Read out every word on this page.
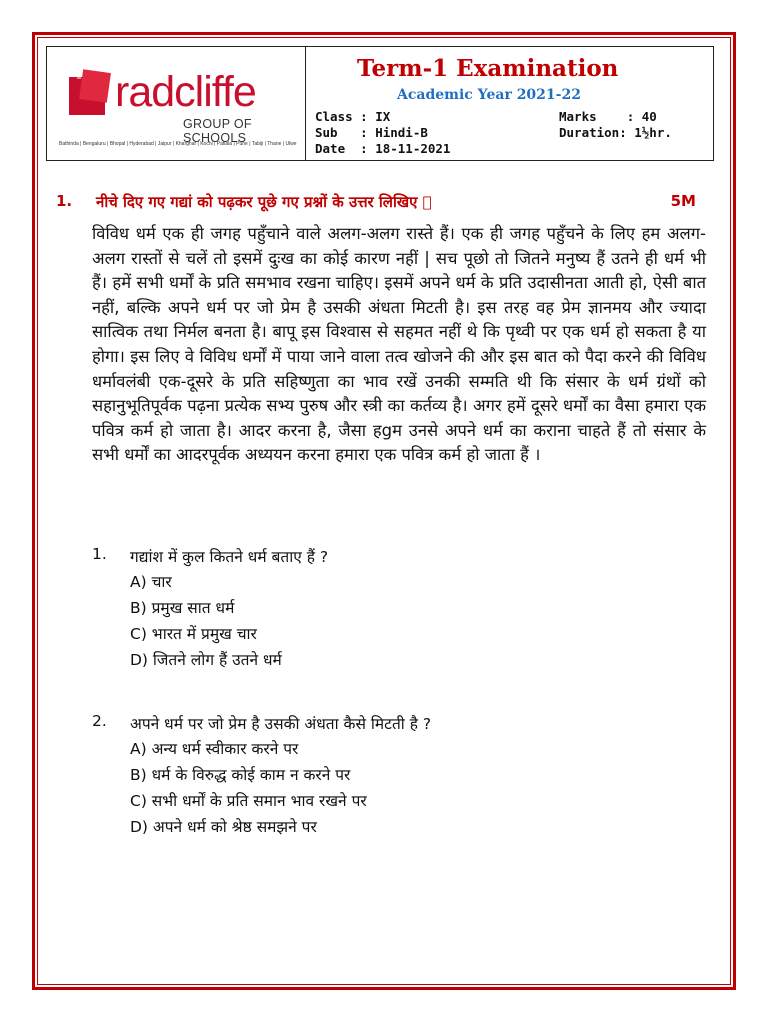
radcliffe
GROUP OF SCHOOLS
Bathinda | Bengaluru | Bhopal | Hyderabad | Jaipur | Kharghar | Kochi | Patiala | Pune | Tabiji | Thane | Ulwe
Term-1 Examination
Academic Year 2021-22
Class : IX
Sub   : Hindi-B
Date  : 18-11-2021
Marks    : 40
Duration: 1½hr.
1. नीचे दिए गए गद्यां को पढ़कर पूछे गए प्रश्नों के उत्तर लिखिए ⃞	5M
विविध धर्म एक ही जगह पहुँचाने वाले अलग-अलग रास्ते हैं। एक ही जगह पहुँचने के लिए हम अलग-अलग रास्तों से चलें तो इसमें दुःख का कोई कारण नहीं | सच पूछो तो जितने मनुष्य हैं उतने ही धर्म भी हैं। हमें सभी धर्मों के प्रति समभाव रखना चाहिए। इसमें अपने धर्म के प्रति उदासीनता आती हो, ऐसी बात नहीं, बल्कि अपने धर्म पर जो प्रेम है उसकी अंधता मिटती है। इस तरह वह प्रेम ज्ञानमय और ज्यादा सात्विक तथा निर्मल बनता है। बापू इस विश्वास से सहमत नहीं थे कि पृथ्वी पर एक धर्म हो सकता है या होगा। इस लिए वे विविध धर्मों में पाया जाने वाला तत्व खोजने की और इस बात को पैदा करने की विविध धर्मावलंबी एक-दूसरे के प्रति सहिष्णुता का भाव रखें उनकी सम्मति थी कि संसार के धर्म ग्रंथों को सहानुभूतिपूर्वक पढ़ना प्रत्येक सभ्य पुरुष और स्त्री का कर्तव्य है। अगर हमें दूसरे धर्मों का वैसा हमारा एक पवित्र कर्म हो जाता है। आदर करना है, जैसा हgम उनसे अपने धर्म का कराना चाहते हैं तो संसार के सभी धर्मों का आदरपूर्वक अध्ययन करना हमारा एक पवित्र कर्म हो जाता हैं ।
1. गद्यांश में कुल कितने धर्म बताए हैं ?
A) चार
B) प्रमुख सात धर्म
C) भारत में प्रमुख चार
D) जितने लोग हैं उतने धर्म
2. अपने धर्म पर जो प्रेम है उसकी अंधता कैसे मिटती है ?
A) अन्य धर्म स्वीकार करने पर
B) धर्म के विरुद्ध कोई काम न करने पर
C) सभी धर्मों के प्रति समान भाव रखने पर
D) अपने धर्म को श्रेष्ठ समझने पर
